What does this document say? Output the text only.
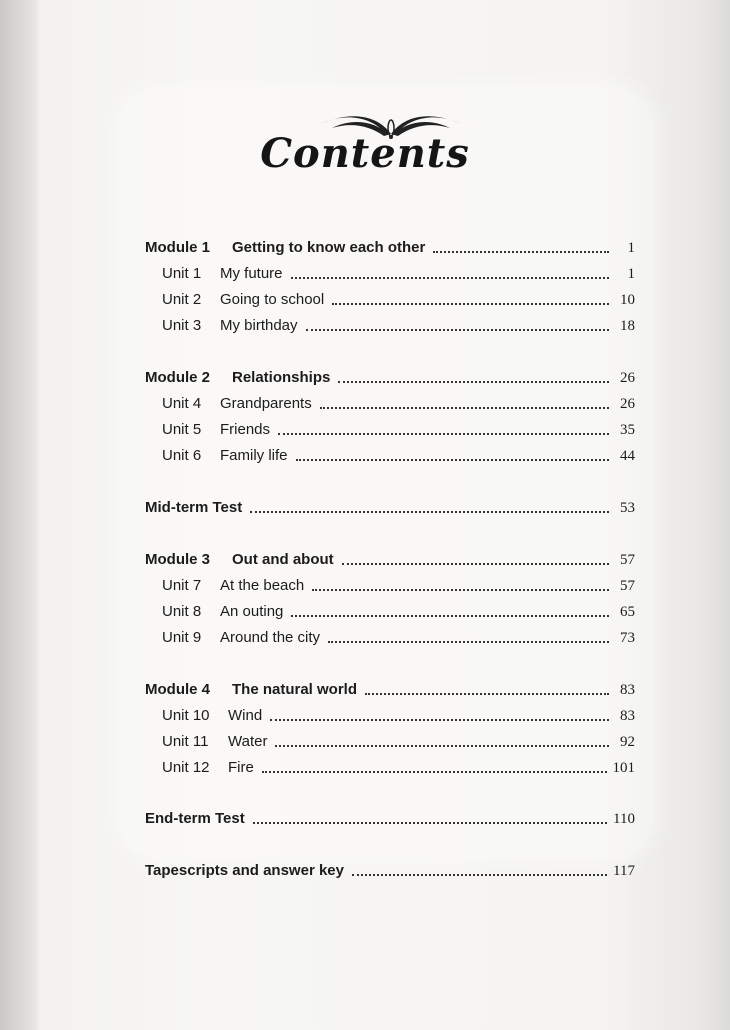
Contents
Module 1	Getting to know each other	1
Unit 1	My future	1
Unit 2	Going to school	10
Unit 3	My birthday	18
Module 2	Relationships	26
Unit 4	Grandparents	26
Unit 5	Friends	35
Unit 6	Family life	44
Mid-term Test	53
Module 3	Out and about	57
Unit 7	At the beach	57
Unit 8	An outing	65
Unit 9	Around the city	73
Module 4	The natural world	83
Unit 10	Wind	83
Unit 11	Water	92
Unit 12	Fire	101
End-term Test	110
Tapescripts and answer key	117
